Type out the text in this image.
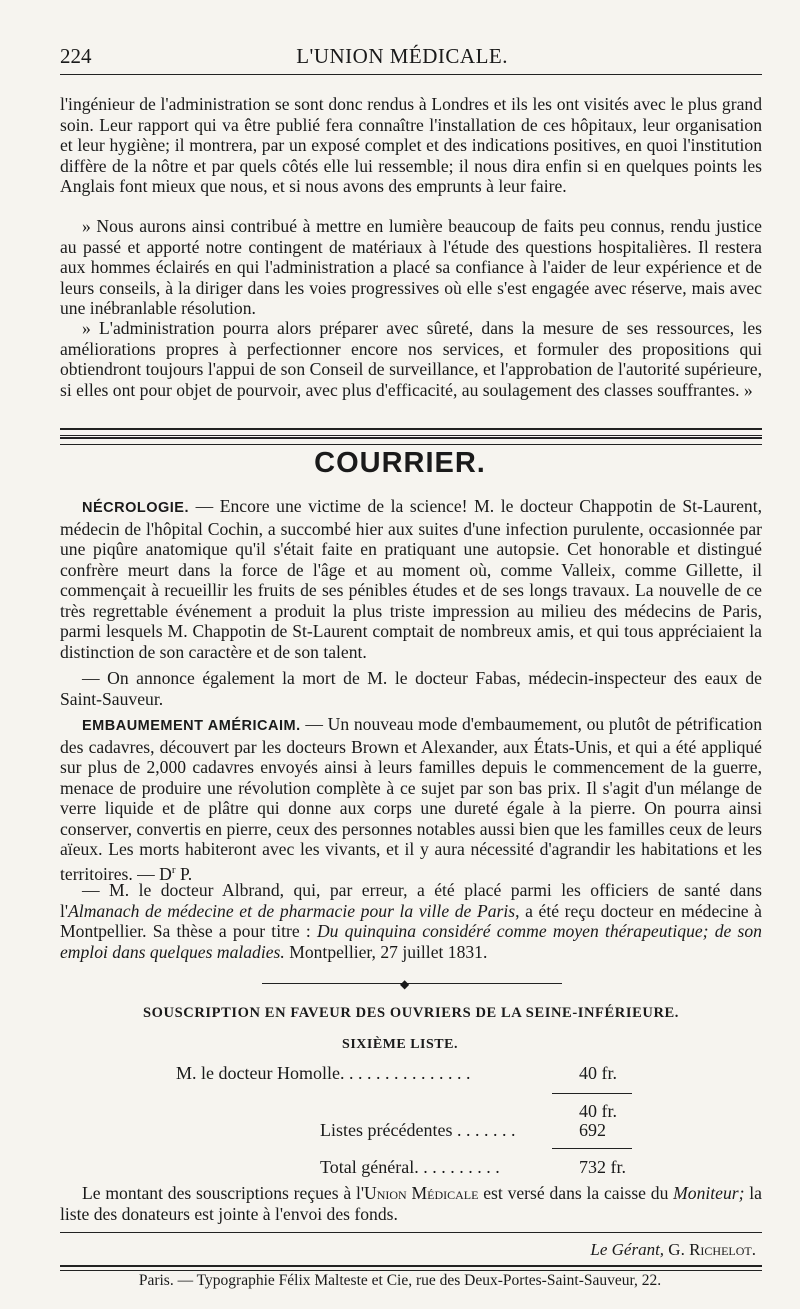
224	L'UNION MÉDICALE.

l'ingénieur de l'administration se sont donc rendus à Londres et ils les ont visités avec le plus grand soin. Leur rapport qui va être publié fera connaître l'installation de ces hôpitaux, leur organisation et leur hygiène; il montrera, par un exposé complet et des indications positives, en quoi l'institution diffère de la nôtre et par quels côtés elle lui ressemble; il nous dira enfin si en quelques points les Anglais font mieux que nous, et si nous avons des emprunts à leur faire.

» Nous aurons ainsi contribué à mettre en lumière beaucoup de faits peu connus, rendu justice au passé et apporté notre contingent de matériaux à l'étude des questions hospitalières. Il restera aux hommes éclairés en qui l'administration a placé sa confiance à l'aider de leur expérience et de leurs conseils, à la diriger dans les voies progressives où elle s'est engagée avec réserve, mais avec une inébranlable résolution.

» L'administration pourra alors préparer avec sûreté, dans la mesure de ses ressources, les améliorations propres à perfectionner encore nos services, et formuler des propositions qui obtiendront toujours l'appui de son Conseil de surveillance, et l'approbation de l'autorité supérieure, si elles ont pour objet de pourvoir, avec plus d'efficacité, au soulagement des classes souffrantes. »

COURRIER.

NÉCROLOGIE. — Encore une victime de la science! M. le docteur Chappotin de St-Laurent, médecin de l'hôpital Cochin, a succombé hier aux suites d'une infection purulente, occasionnée par une piqûre anatomique qu'il s'était faite en pratiquant une autopsie. Cet honorable et distingué confrère meurt dans la force de l'âge et au moment où, comme Valleix, comme Gillette, il commençait à recueillir les fruits de ses pénibles études et de ses longs travaux. La nouvelle de ce très regrettable événement a produit la plus triste impression au milieu des médecins de Paris, parmi lesquels M. Chappotin de St-Laurent comptait de nombreux amis, et qui tous appréciaient la distinction de son caractère et de son talent.

— On annonce également la mort de M. le docteur Fabas, médecin-inspecteur des eaux de Saint-Sauveur.

EMBAUMEMENT AMÉRICAIM. — Un nouveau mode d'embaumement, ou plutôt de pétrification des cadavres, découvert par les docteurs Brown et Alexander, aux États-Unis, et qui a été appliqué sur plus de 2,000 cadavres envoyés ainsi à leurs familles depuis le commencement de la guerre, menace de produire une révolution complète à ce sujet par son bas prix. Il s'agit d'un mélange de verre liquide et de plâtre qui donne aux corps une dureté égale à la pierre. On pourra ainsi conserver, convertis en pierre, ceux des personnes notables aussi bien que les familles ceux de leurs aïeux. Les morts habiteront avec les vivants, et il y aura nécessité d'agrandir les habitations et les territoires. — $D^r$ P.

— M. le docteur Albrand, qui, par erreur, a été placé parmi les officiers de santé dans l'Almanach de médecine et de pharmacie pour la ville de Paris, a été reçu docteur en médecine à Montpellier. Sa thèse a pour titre : Du quinquina considéré comme moyen thérapeutique; de son emploi dans quelques maladies. Montpellier, 27 juillet 1831.

◆
SOUSCRIPTION EN FAVEUR DES OUVRIERS DE LA SEINE-INFÉRIEURE.
SIXIÈME LISTE.
M. le docteur Homolle. . . . . . . . . . . . . . .	40 fr.
40 fr.
Listes précédentes . . . . . . .	692
Total général. . . . . . . . . .	732 fr.

Le montant des souscriptions reçues à l'Union Médicale est versé dans la caisse du Moniteur; la liste des donateurs est jointe à l'envoi des fonds.

Le Gérant, G. Richelot.
Paris. — Typographie Félix Malteste et Cie, rue des Deux-Portes-Saint-Sauveur, 22.
